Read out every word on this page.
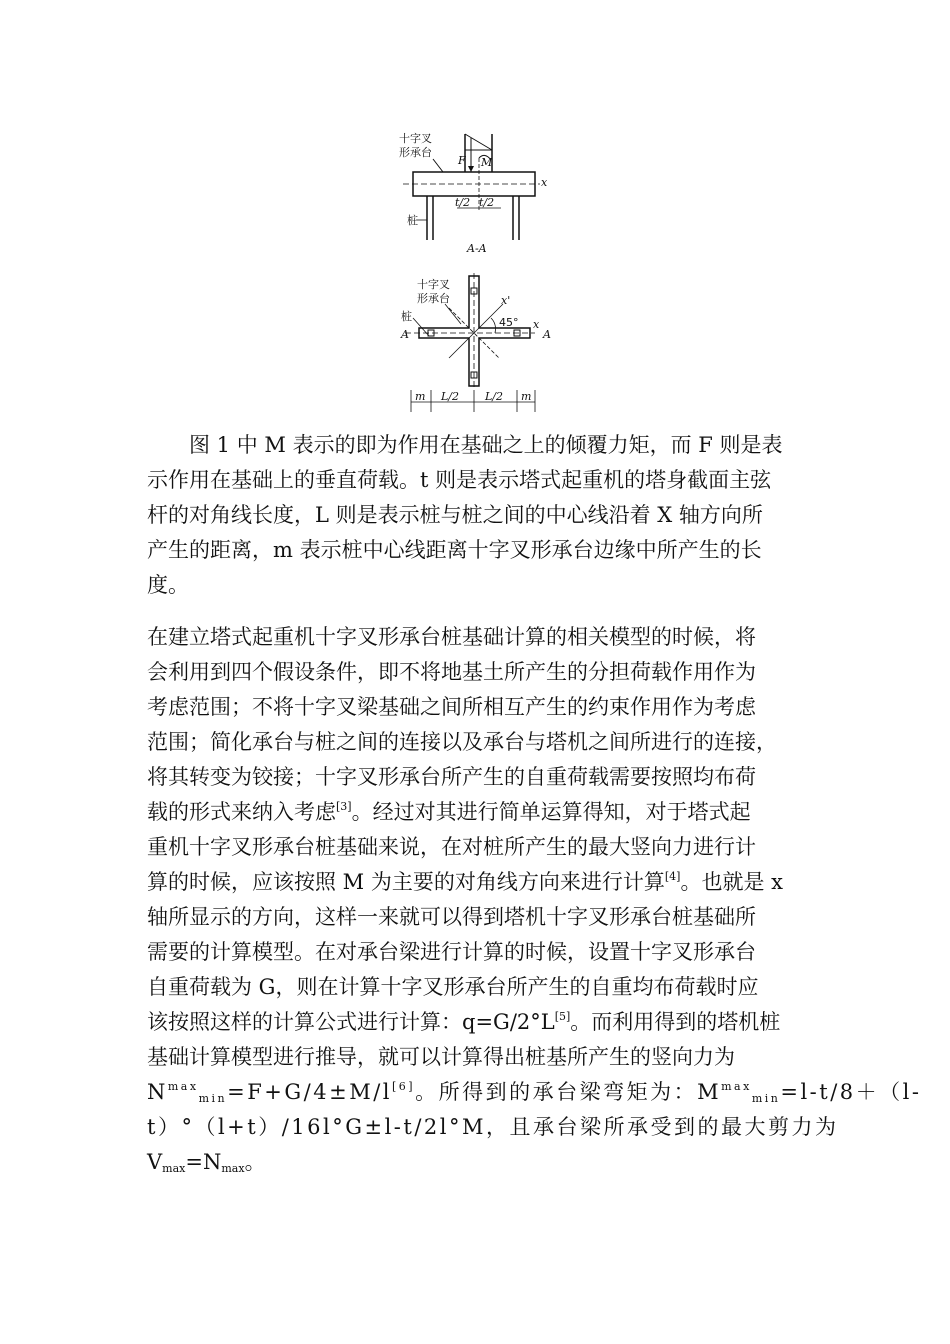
十字叉
形承台
F M
x
t/2 t/2
桩
A-A
十字叉
形承台
桩
x'
45°
A
x
A
m L/2 L/2 m
图 1 中 M 表示的即为作用在基础之上的倾覆力矩，而 F 则是表
示作用在基础上的垂直荷载。t 则是表示塔式起重机的塔身截面主弦
杆的对角线长度，L 则是表示桩与桩之间的中心线沿着 X 轴方向所
产生的距离，m 表示桩中心线距离十字叉形承台边缘中所产生的长
度。
在建立塔式起重机十字叉形承台桩基础计算的相关模型的时候，将
会利用到四个假设条件，即不将地基土所产生的分担荷载作用作为
考虑范围；不将十字叉梁基础之间所相互产生的约束作用作为考虑
范围；简化承台与桩之间的连接以及承台与塔机之间所进行的连接，
将其转变为铰接；十字叉形承台所产生的自重荷载需要按照均布荷
载的形式来纳入考虑[3]。经过对其进行简单运算得知，对于塔式起
重机十字叉形承台桩基础来说，在对桩所产生的最大竖向力进行计
算的时候，应该按照 M 为主要的对角线方向来进行计算[4]。也就是 x
轴所显示的方向，这样一来就可以得到塔机十字叉形承台桩基础所
需要的计算模型。在对承台梁进行计算的时候，设置十字叉形承台
自重荷载为 G，则在计算十字叉形承台所产生的自重均布荷载时应
该按照这样的计算公式进行计算：q=G/2°L[5]。而利用得到的塔机桩
基础计算模型进行推导，就可以计算得出桩基所产生的竖向力为
$N^{max}_{min}=F+G/4\pm M/l[6]$。所得到的承台梁弯矩为：$M^{max}_{min}=l-t/8+(l-$
t）°（l+t）/16l°G±l-t/2l°M，且承台梁所承受到的最大剪力为
$V_{max}=N_{max}$。
